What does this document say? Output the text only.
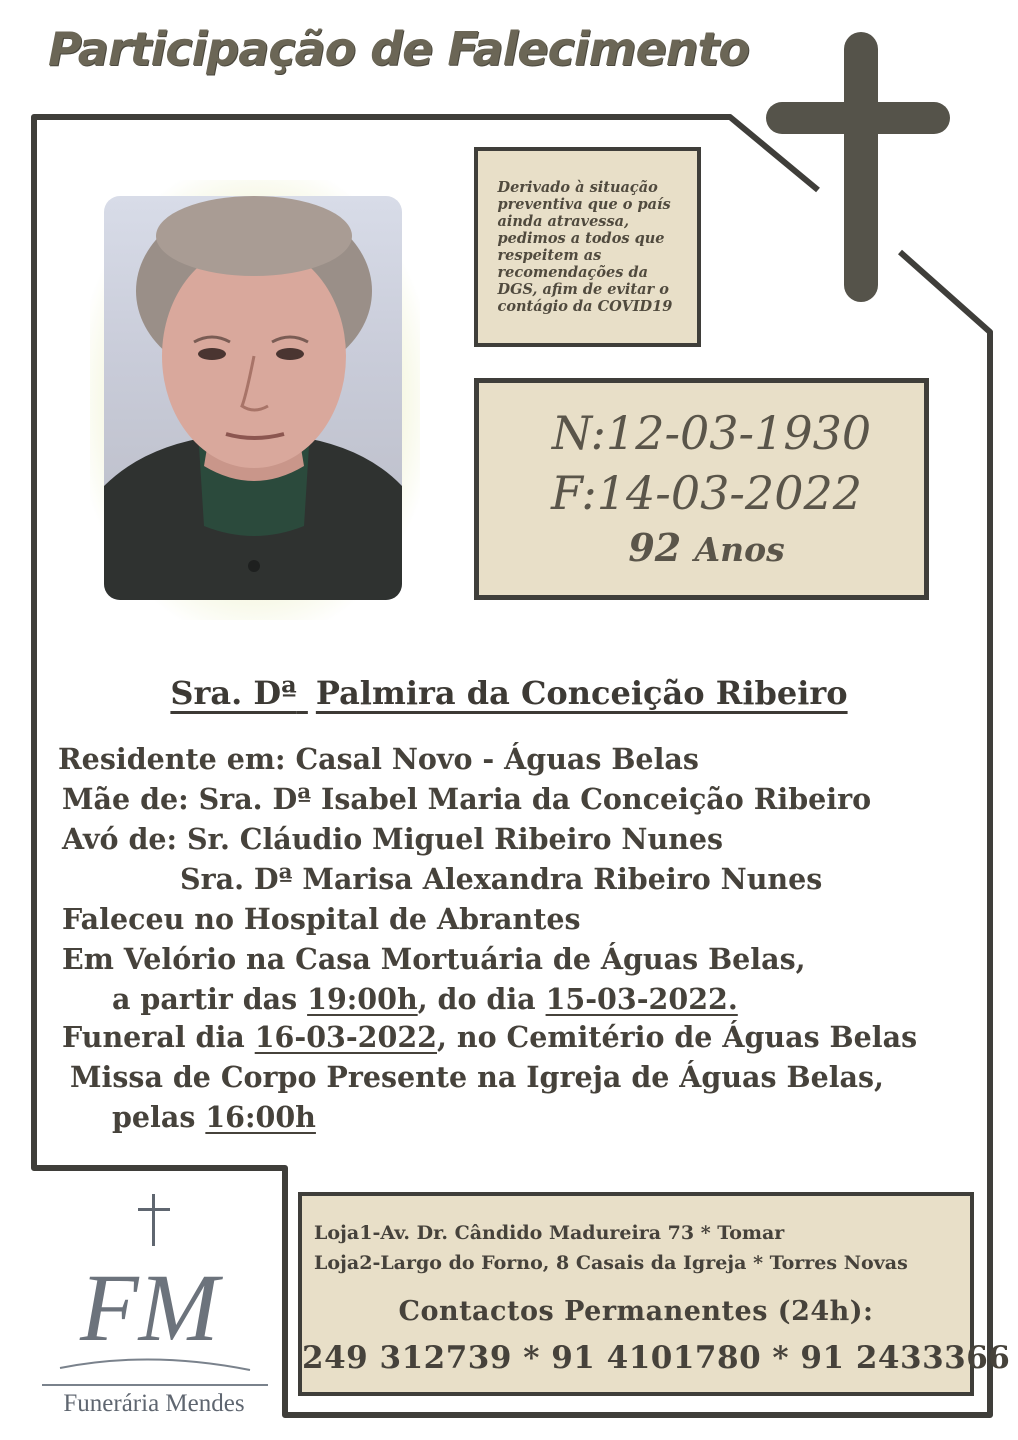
Participação de Falecimento
Derivado à situação preventiva que o país ainda atravessa, pedimos a todos que respeitem as recomendações da DGS, afim de evitar o contágio da COVID19
N:12-03-1930
F:14-03-2022
92 Anos
Sra. Dª Palmira da Conceição Ribeiro
Residente em: Casal Novo - Águas Belas
Mãe de: Sra. Dª Isabel Maria da Conceição Ribeiro
Avó de: Sr. Cláudio Miguel Ribeiro Nunes
Sra. Dª Marisa Alexandra Ribeiro Nunes
Faleceu no Hospital de Abrantes
Em Velório na Casa Mortuária de Águas Belas,
a partir das 19:00h, do dia 15-03-2022.
Funeral dia 16-03-2022, no Cemitério de Águas Belas
Missa de Corpo Presente na Igreja de Águas Belas,
pelas 16:00h
Loja1-Av. Dr. Cândido Madureira 73 * Tomar
Loja2-Largo do Forno, 8 Casais da Igreja * Torres Novas
Contactos Permanentes (24h):
249 312739 * 91 4101780 * 91 2433366
FM
Funerária Mendes
